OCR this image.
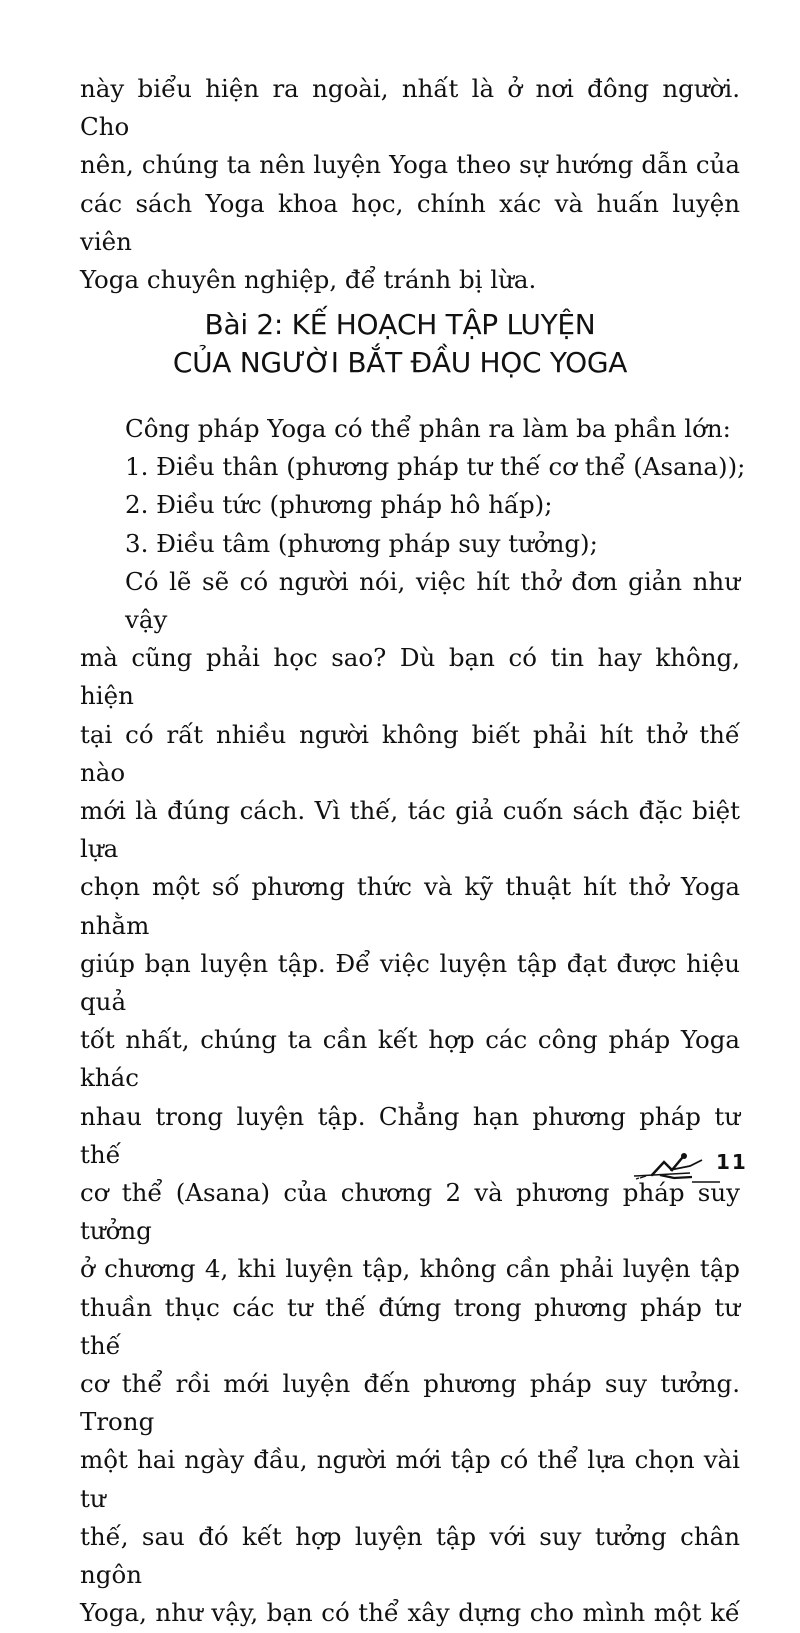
này biểu hiện ra ngoài, nhất là ở nơi đông người. Cho
nên, chúng ta nên luyện Yoga theo sự hướng dẫn của
các sách Yoga khoa học, chính xác và huấn luyện viên
Yoga chuyên nghiệp, để tránh bị lừa.
Bài 2: KẾ HOẠCH TẬP LUYỆN
CỦA NGƯỜI BẮT ĐẦU HỌC YOGA
Công pháp Yoga có thể phân ra làm ba phần lớn:
1. Điều thân (phương pháp tư thế cơ thể (Asana));
2. Điều tức (phương pháp hô hấp);
3. Điều tâm (phương pháp suy tưởng);
Có lẽ sẽ có người nói, việc hít thở đơn giản như vậy
mà cũng phải học sao? Dù bạn có tin hay không, hiện
tại có rất nhiều người không biết phải hít thở thế nào
mới là đúng cách. Vì thế, tác giả cuốn sách đặc biệt lựa
chọn một số phương thức và kỹ thuật hít thở Yoga nhằm
giúp bạn luyện tập. Để việc luyện tập đạt được hiệu quả
tốt nhất, chúng ta cần kết hợp các công pháp Yoga khác
nhau trong luyện tập. Chẳng hạn phương pháp tư thế
cơ thể (Asana) của chương 2 và phương pháp suy tưởng
ở chương 4, khi luyện tập, không cần phải luyện tập
thuần thục các tư thế đứng trong phương pháp tư thế
cơ thể rồi mới luyện đến phương pháp suy tưởng. Trong
một hai ngày đầu, người mới tập có thể lựa chọn vài tư
thế, sau đó kết hợp luyện tập với suy tưởng chân ngôn
Yoga, như vậy, bạn có thể xây dựng cho mình một kế
11
